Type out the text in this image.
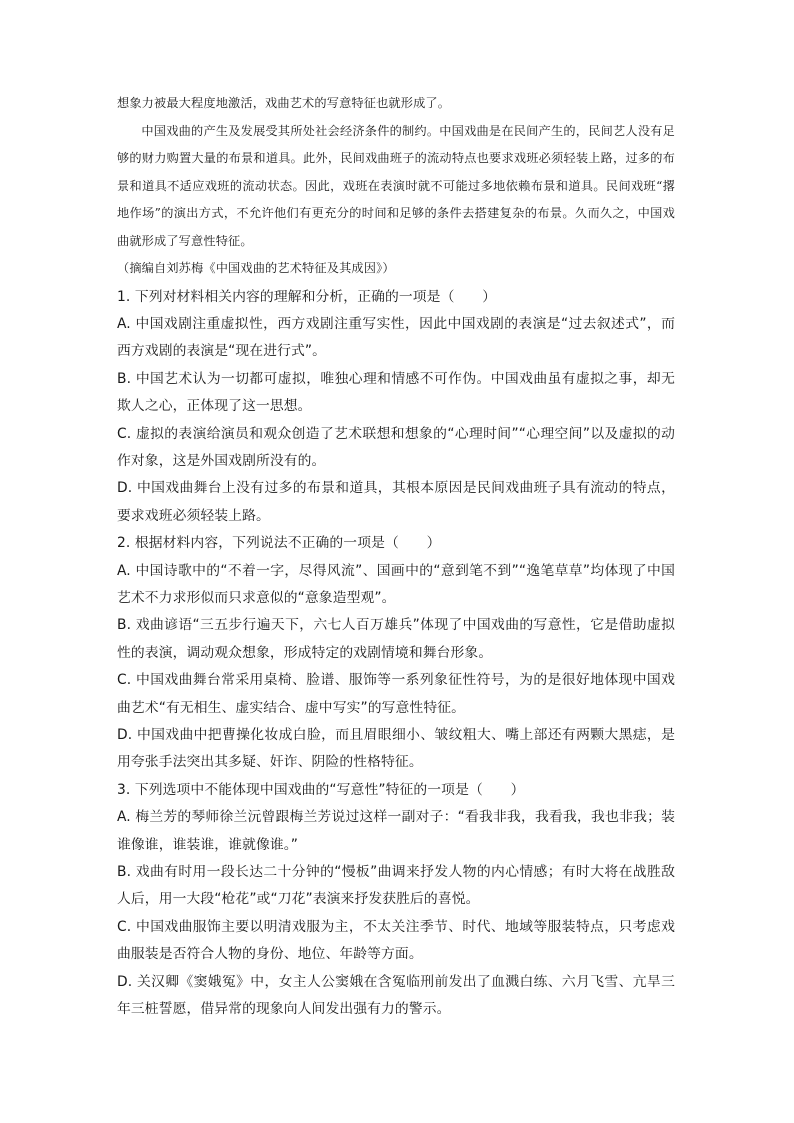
想象力被最大程度地激活，戏曲艺术的写意特征也就形成了。

中国戏曲的产生及发展受其所处社会经济条件的制约。中国戏曲是在民间产生的，民间艺人没有足够的财力购置大量的布景和道具。此外，民间戏曲班子的流动特点也要求戏班必须轻装上路，过多的布景和道具不适应戏班的流动状态。因此，戏班在表演时就不可能过多地依赖布景和道具。民间戏班“撂地作场”的演出方式，不允许他们有更充分的时间和足够的条件去搭建复杂的布景。久而久之，中国戏曲就形成了写意性特征。

（摘编自刘苏梅《中国戏曲的艺术特征及其成因》）

1. 下列对材料相关内容的理解和分析，正确的一项是（　　）

A. 中国戏剧注重虚拟性，西方戏剧注重写实性，因此中国戏剧的表演是“过去叙述式”，而西方戏剧的表演是“现在进行式”。

B. 中国艺术认为一切都可虚拟，唯独心理和情感不可作伪。中国戏曲虽有虚拟之事，却无欺人之心，正体现了这一思想。

C. 虚拟的表演给演员和观众创造了艺术联想和想象的“心理时间”“心理空间”以及虚拟的动作对象，这是外国戏剧所没有的。

D. 中国戏曲舞台上没有过多的布景和道具，其根本原因是民间戏曲班子具有流动的特点，要求戏班必须轻装上路。

2. 根据材料内容，下列说法不正确的一项是（　　）

A. 中国诗歌中的“不着一字，尽得风流”、国画中的“意到笔不到”“逸笔草草”均体现了中国艺术不力求形似而只求意似的“意象造型观”。

B. 戏曲谚语“三五步行遍天下，六七人百万雄兵”体现了中国戏曲的写意性，它是借助虚拟性的表演，调动观众想象，形成特定的戏剧情境和舞台形象。

C. 中国戏曲舞台常采用桌椅、脸谱、服饰等一系列象征性符号，为的是很好地体现中国戏曲艺术“有无相生、虚实结合、虚中写实”的写意性特征。

D. 中国戏曲中把曹操化妆成白脸，而且眉眼细小、皱纹粗大、嘴上部还有两颗大黑痣，是用夸张手法突出其多疑、奸诈、阴险的性格特征。

3. 下列选项中不能体现中国戏曲的“写意性”特征的一项是（　　）

A. 梅兰芳的琴师徐兰沅曾跟梅兰芳说过这样一副对子：“看我非我，我看我，我也非我；装谁像谁，谁装谁，谁就像谁。”

B. 戏曲有时用一段长达二十分钟的“慢板”曲调来抒发人物的内心情感；有时大将在战胜敌人后，用一大段“枪花”或“刀花”表演来抒发获胜后的喜悦。

C. 中国戏曲服饰主要以明清戏服为主，不太关注季节、时代、地域等服装特点，只考虑戏曲服装是否符合人物的身份、地位、年龄等方面。

D. 关汉卿《窦娥冤》中，女主人公窦娥在含冤临刑前发出了血溅白练、六月飞雪、亢旱三年三桩誓愿，借异常的现象向人间发出强有力的警示。
